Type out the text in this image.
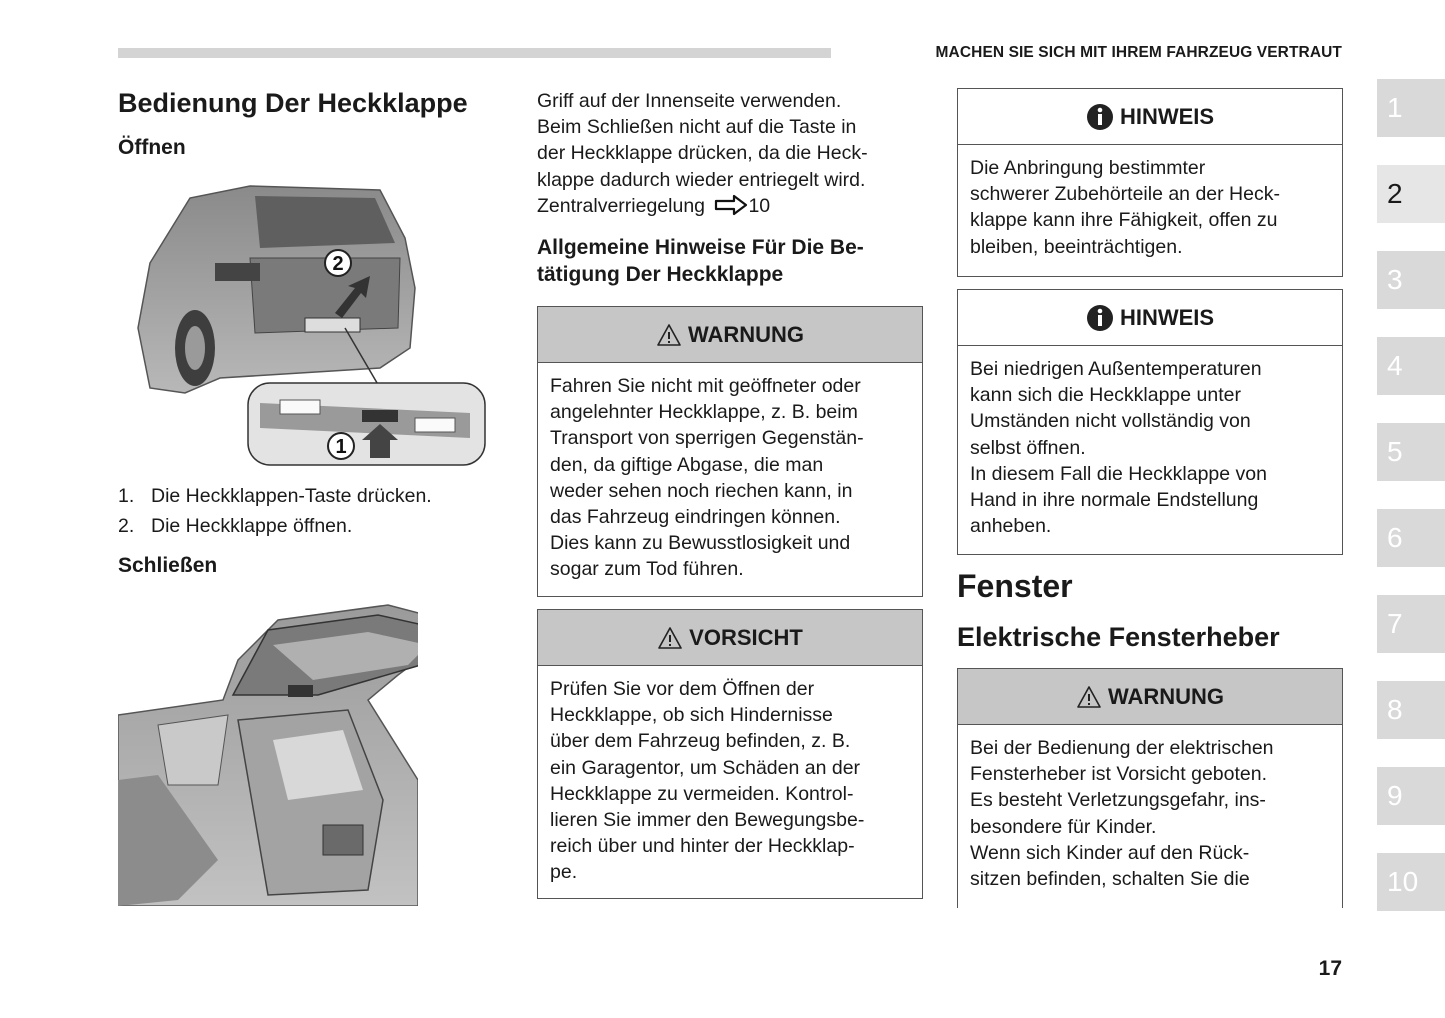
MACHEN SIE SICH MIT IHREM FAHRZEUG VERTRAUT
1
2
3
4
5
6
7
8
9
10
Bedienung Der Heckklappe
Öffnen
2
1
1. Die Heckklappen-Taste drücken.
2. Die Heckklappe öffnen.
Schließen

Griff auf der Innenseite verwenden.

Beim Schließen nicht auf die Taste in

der Heckklappe drücken, da die Heck-

klappe dadurch wieder entriegelt wird.

Zentralverriegelung 10

Allgemeine Hinweise Für Die Be-
tätigung Der Heckklappe
WARNUNG
Fahren Sie nicht mit geöffneter oder
angelehnter Heckklappe, z. B. beim
Transport von sperrigen Gegenstän-
den, da giftige Abgase, die man
weder sehen noch riechen kann, in
das Fahrzeug eindringen können.
Dies kann zu Bewusstlosigkeit und
sogar zum Tod führen.
VORSICHT
Prüfen Sie vor dem Öffnen der
Heckklappe, ob sich Hindernisse
über dem Fahrzeug befinden, z. B.
ein Garagentor, um Schäden an der
Heckklappe zu vermeiden. Kontrol-
lieren Sie immer den Bewegungsbe-
reich über und hinter der Heckklap-
pe.
HINWEIS
Die Anbringung bestimmter
schwerer Zubehörteile an der Heck-
klappe kann ihre Fähigkeit, offen zu
bleiben, beeinträchtigen.
HINWEIS
Bei niedrigen Außentemperaturen
kann sich die Heckklappe unter
Umständen nicht vollständig von
selbst öffnen.
In diesem Fall die Heckklappe von
Hand in ihre normale Endstellung
anheben.
Fenster
Elektrische Fensterheber
WARNUNG
Bei der Bedienung der elektrischen
Fensterheber ist Vorsicht geboten.
Es besteht Verletzungsgefahr, ins-
besondere für Kinder.
Wenn sich Kinder auf den Rück-
sitzen befinden, schalten Sie die
17
